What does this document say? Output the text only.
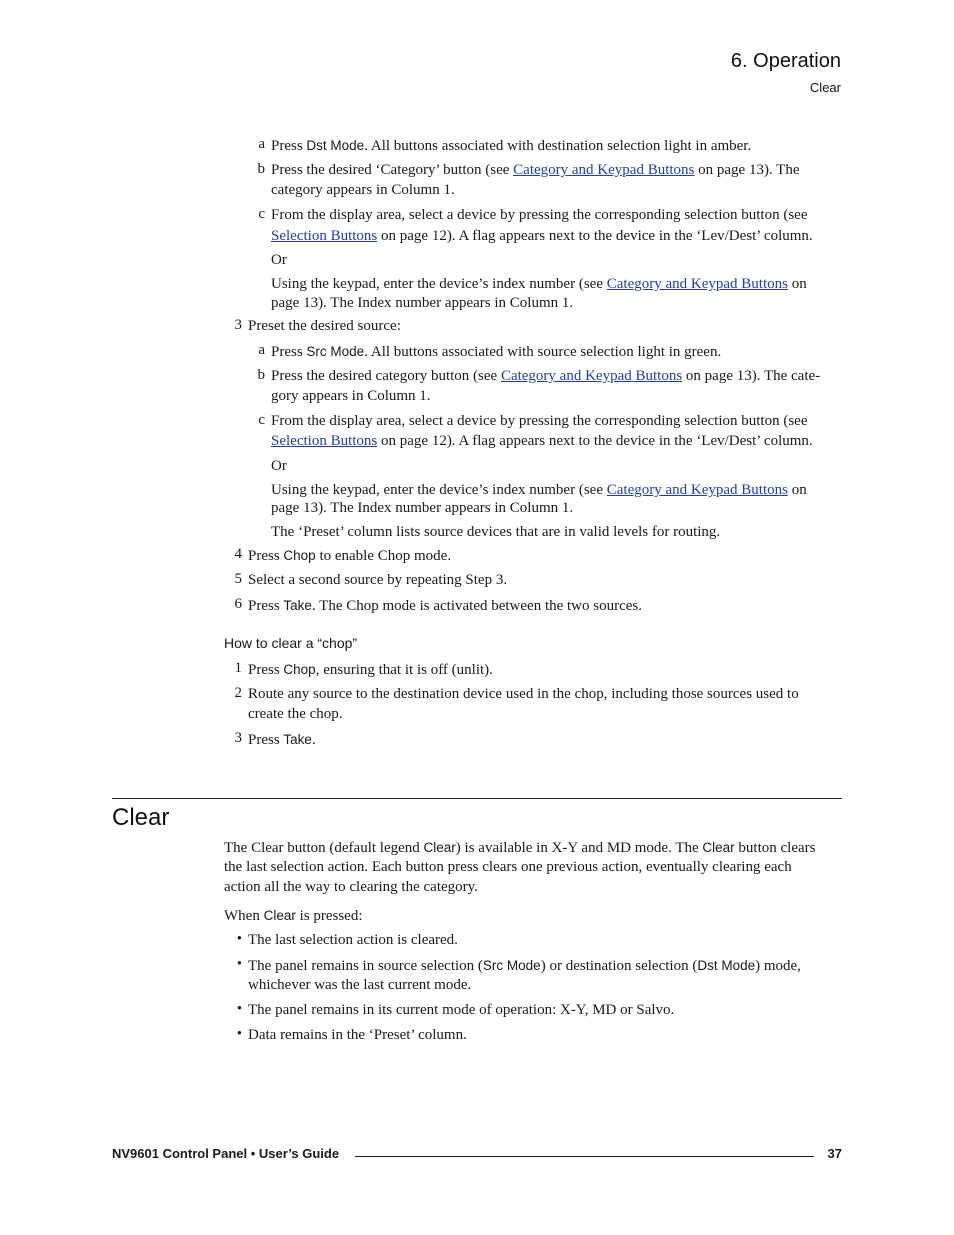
6. Operation
Clear
a Press Dst Mode. All buttons associated with destination selection light in amber.
b Press the desired ‘Category’ button (see Category and Keypad Buttons on page 13). The
category appears in Column 1.
c From the display area, select a device by pressing the corresponding selection button (see
Selection Buttons on page 12). A flag appears next to the device in the ‘Lev/Dest’ column.
Or
Using the keypad, enter the device’s index number (see Category and Keypad Buttons on
page 13). The Index number appears in Column 1.
3 Preset the desired source:
a Press Src Mode. All buttons associated with source selection light in green.
b Press the desired category button (see Category and Keypad Buttons on page 13). The cate-
gory appears in Column 1.
c From the display area, select a device by pressing the corresponding selection button (see
Selection Buttons on page 12). A flag appears next to the device in the ‘Lev/Dest’ column.
Or
Using the keypad, enter the device’s index number (see Category and Keypad Buttons on
page 13). The Index number appears in Column 1.
The ‘Preset’ column lists source devices that are in valid levels for routing.
4 Press Chop to enable Chop mode.
5 Select a second source by repeating Step 3.
6 Press Take. The Chop mode is activated between the two sources.
How to clear a “chop”
1 Press Chop, ensuring that it is off (unlit).
2 Route any source to the destination device used in the chop, including those sources used to
create the chop.
3 Press Take.
Clear
The Clear button (default legend Clear) is available in X-Y and MD mode. The Clear button clears
the last selection action. Each button press clears one previous action, eventually clearing each
action all the way to clearing the category.
When Clear is pressed:
• The last selection action is cleared.
• The panel remains in source selection (Src Mode) or destination selection (Dst Mode) mode,
whichever was the last current mode.
• The panel remains in its current mode of operation: X-Y, MD or Salvo.
• Data remains in the ‘Preset’ column.
NV9601 Control Panel • User’s Guide	37
